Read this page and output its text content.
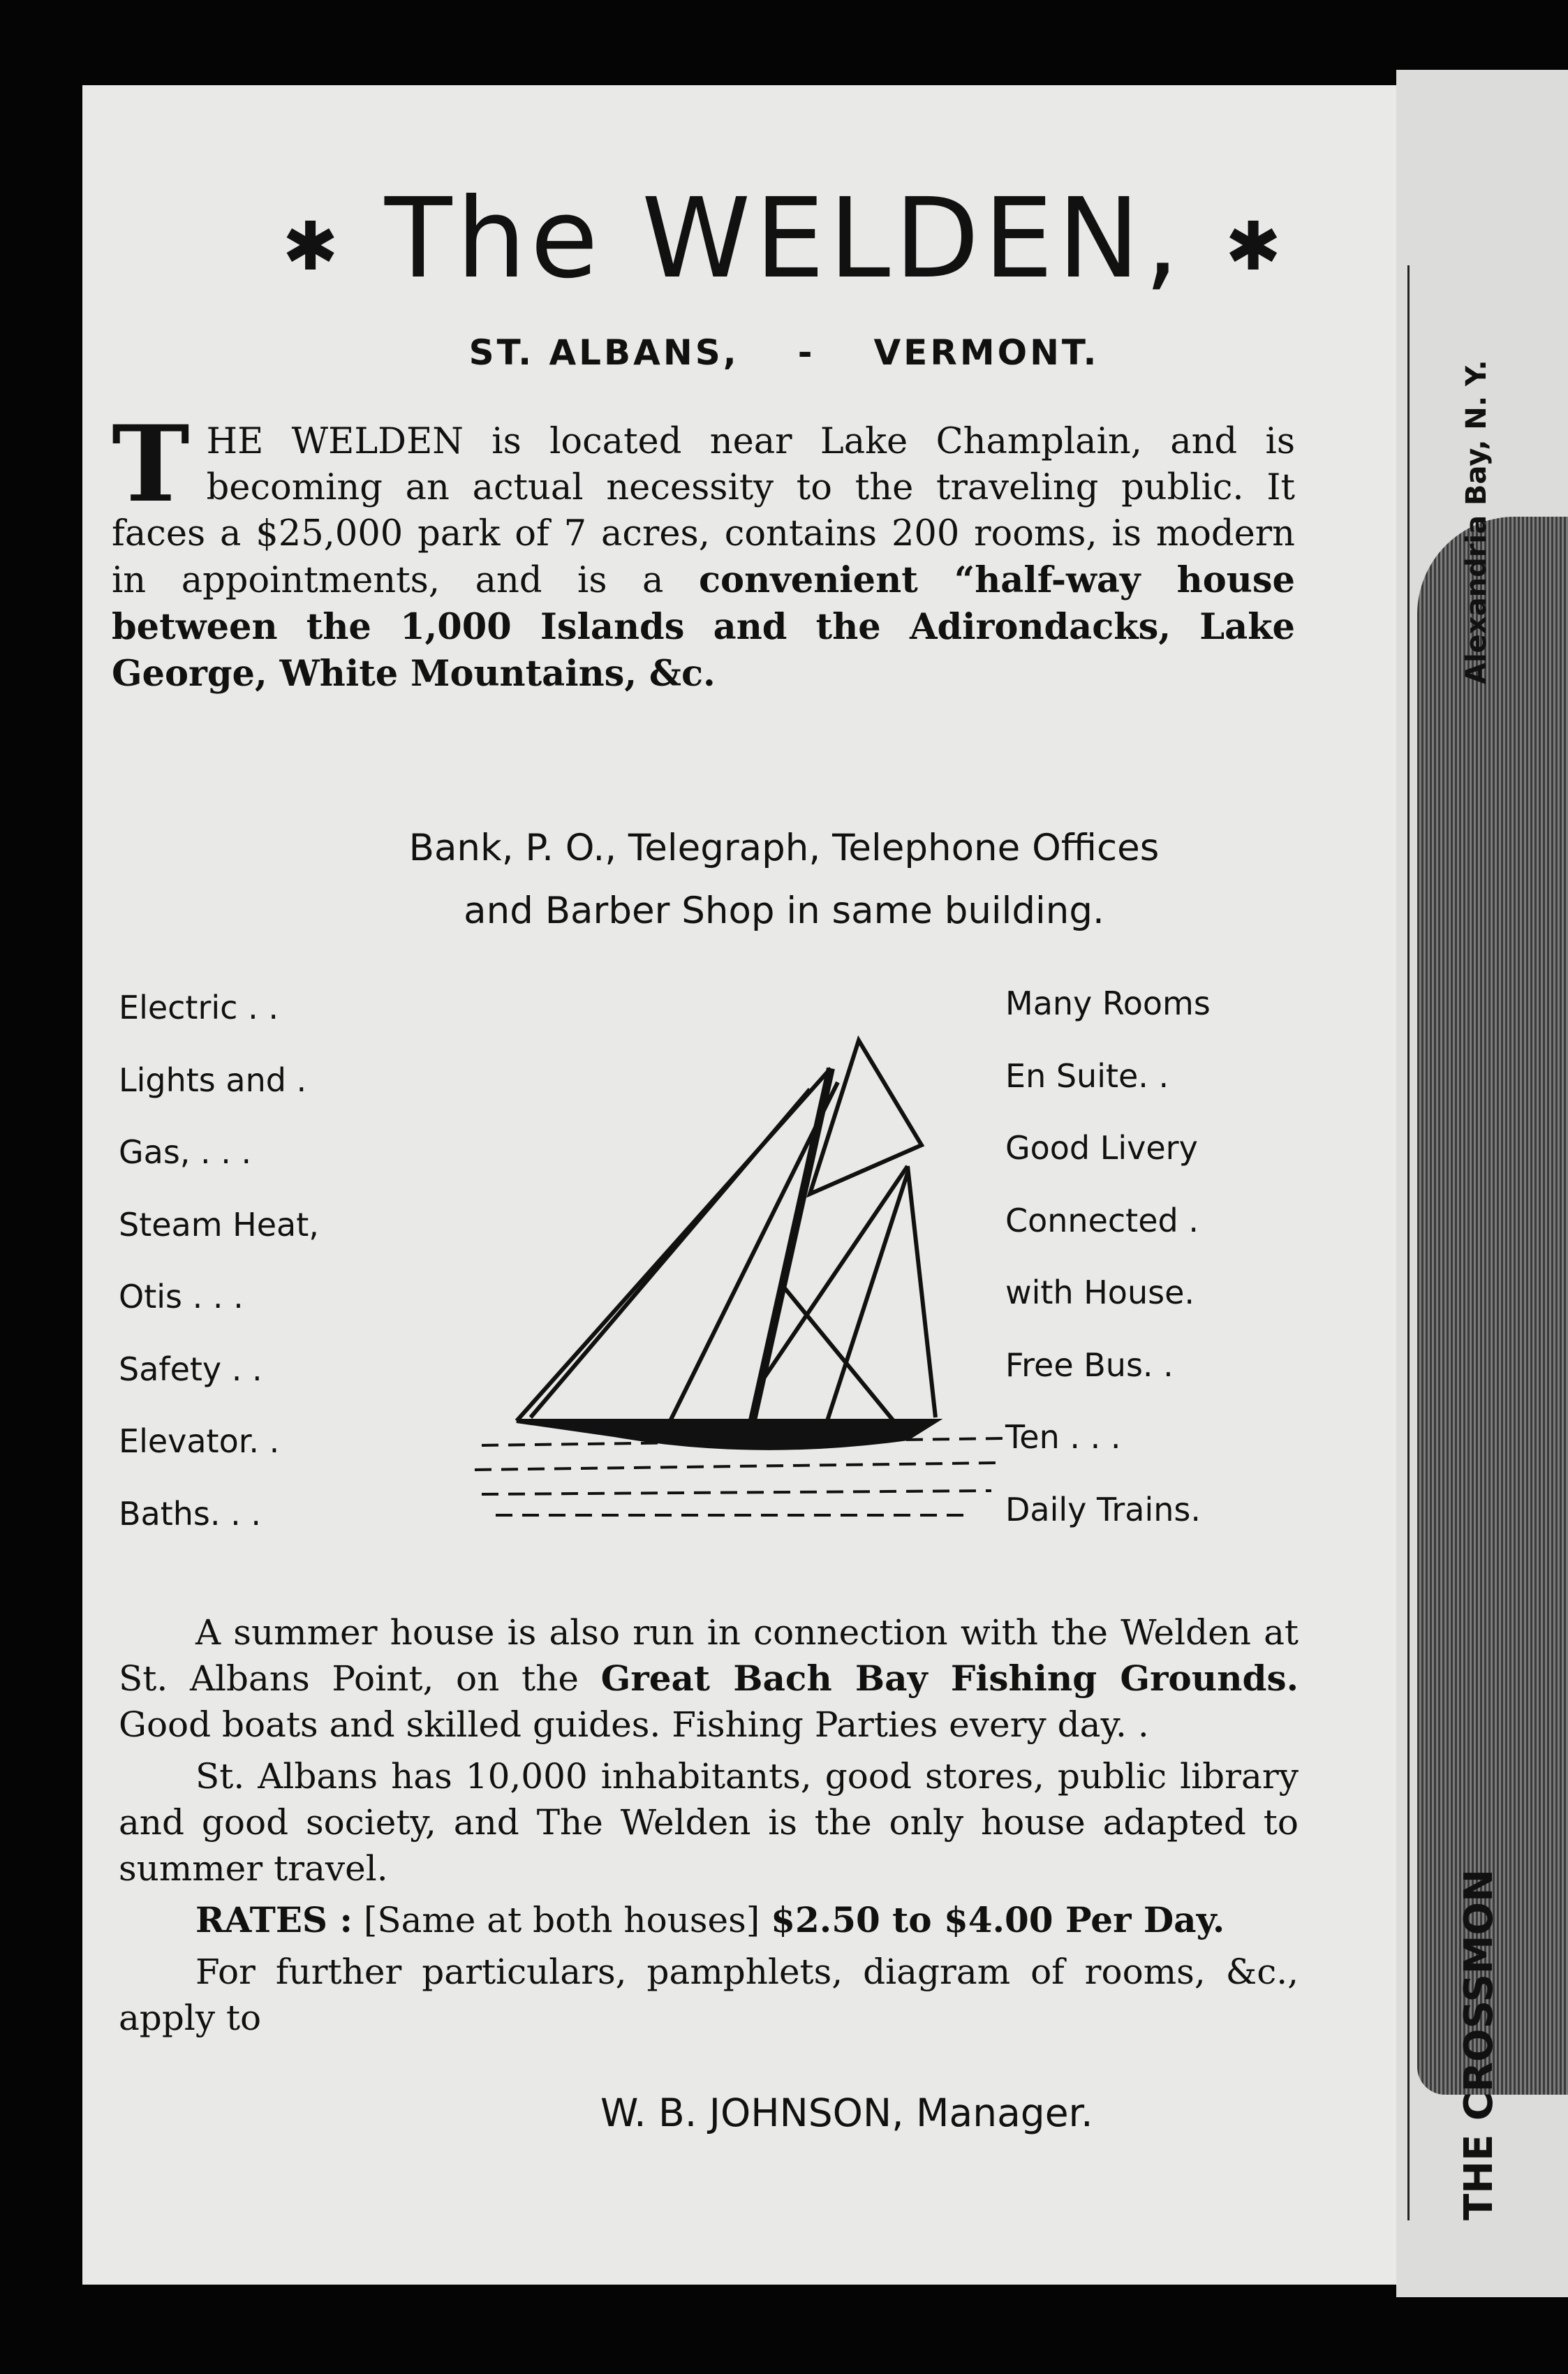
Alexandria Bay, N. Y.
THE CROSSMON
✱ The WELDEN, ✱
ST. ALBANS, - VERMONT.
THE WELDEN is located near Lake Champlain, and is becoming an actual necessity to the traveling public. It faces a $25,000 park of 7 acres, contains 200 rooms, is modern in appointments, and is a convenient “half-way house between the 1,000 Islands and the Adirondacks, Lake George, White Mountains, &c.
Bank, P. O., Telegraph, Telephone Offices
and Barber Shop in same building.
Electric . .
Lights and .
Gas, . . .
Steam Heat,
Otis . . .
Safety . .
Elevator. .
Baths. . .
Many Rooms
En Suite. .
Good Livery
Connected .
with House.
Free Bus. .
Ten . . .
Daily Trains.

A summer house is also run in connection with the Welden at St. Albans Point, on the Great Bach Bay Fishing Grounds. Good boats and skilled guides. Fishing Parties every day. .

St. Albans has 10,000 inhabitants, good stores, public library and good society, and The Welden is the only house adapted to summer travel.

RATES : [Same at both houses] $2.50 to $4.00 Per Day.

For further particulars, pamphlets, diagram of rooms, &c., apply to

W. B. JOHNSON, Manager.
